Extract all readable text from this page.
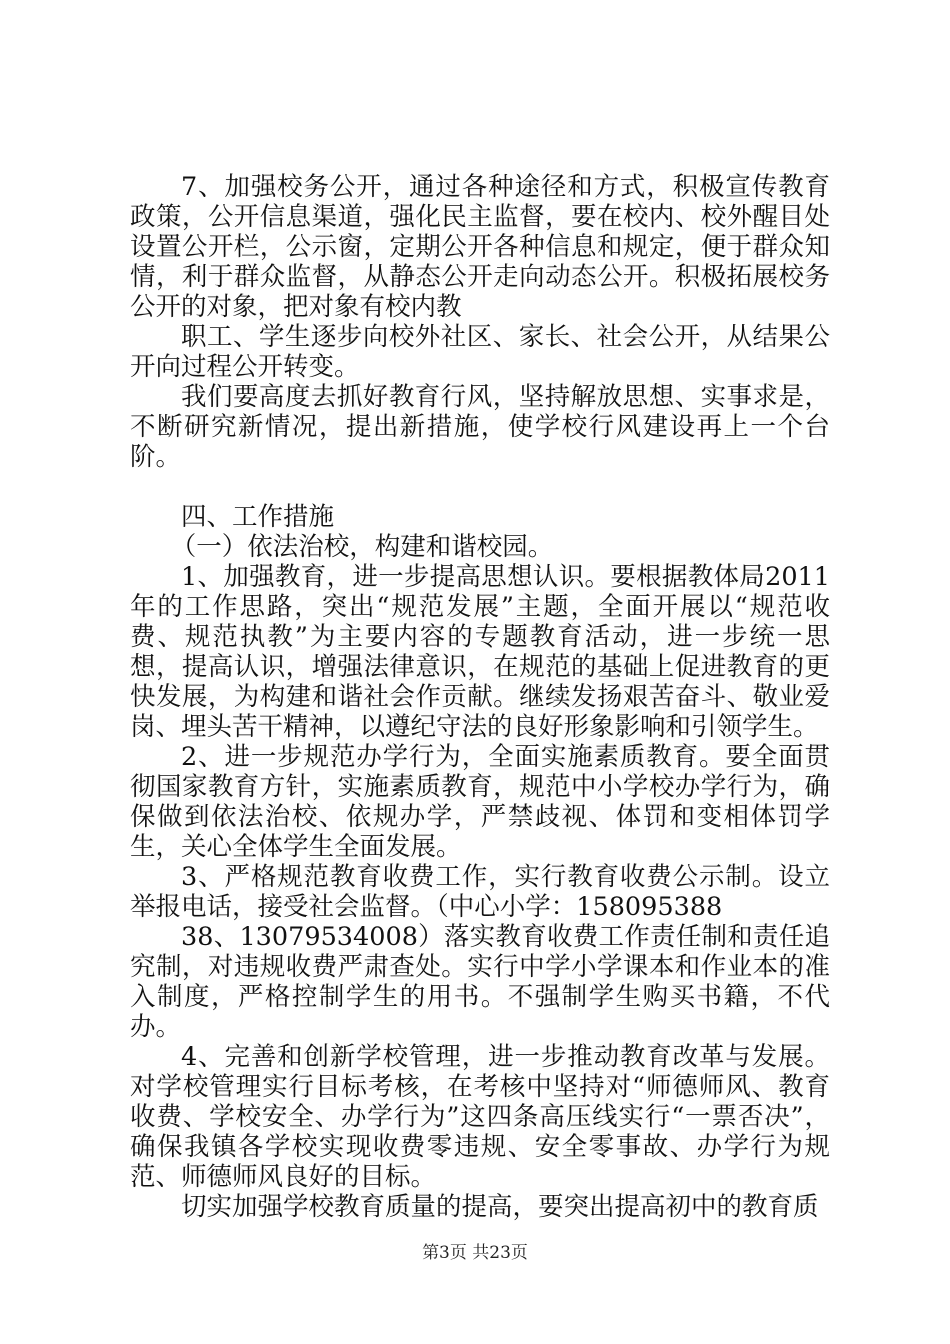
7、加强校务公开，通过各种途径和方式，积极宣传教育政策，公开信息渠道，强化民主监督，要在校内、校外醒目处设置公开栏，公示窗，定期公开各种信息和规定，便于群众知情，利于群众监督，从静态公开走向动态公开。积极拓展校务公开的对象，把对象有校内教

职工、学生逐步向校外社区、家长、社会公开，从结果公开向过程公开转变。

我们要高度去抓好教育行风，坚持解放思想、实事求是，不断研究新情况，提出新措施，使学校行风建设再上一个台阶。

四、工作措施

（一）依法治校，构建和谐校园。

1、加强教育，进一步提高思想认识。要根据教体局2011年的工作思路，突出“规范发展”主题，全面开展以“规范收费、规范执教”为主要内容的专题教育活动，进一步统一思想，提高认识，增强法律意识，在规范的基础上促进教育的更快发展，为构建和谐社会作贡献。继续发扬艰苦奋斗、敬业爱岗、埋头苦干精神，以遵纪守法的良好形象影响和引领学生。

2、进一步规范办学行为，全面实施素质教育。要全面贯彻国家教育方针，实施素质教育，规范中小学校办学行为，确保做到依法治校、依规办学，严禁歧视、体罚和变相体罚学生，关心全体学生全面发展。

3、严格规范教育收费工作，实行教育收费公示制。设立举报电话，接受社会监督。（中心小学：158095388

38、13079534008）落实教育收费工作责任制和责任追究制，对违规收费严肃查处。实行中学小学课本和作业本的准入制度，严格控制学生的用书。不强制学生购买书籍，不代办。

4、完善和创新学校管理，进一步推动教育改革与发展。对学校管理实行目标考核，在考核中坚持对“师德师风、教育收费、学校安全、办学行为”这四条高压线实行“一票否决”，确保我镇各学校实现收费零违规、安全零事故、办学行为规范、师德师风良好的目标。

切实加强学校教育质量的提高，要突出提高初中的教育质

第3页 共23页
